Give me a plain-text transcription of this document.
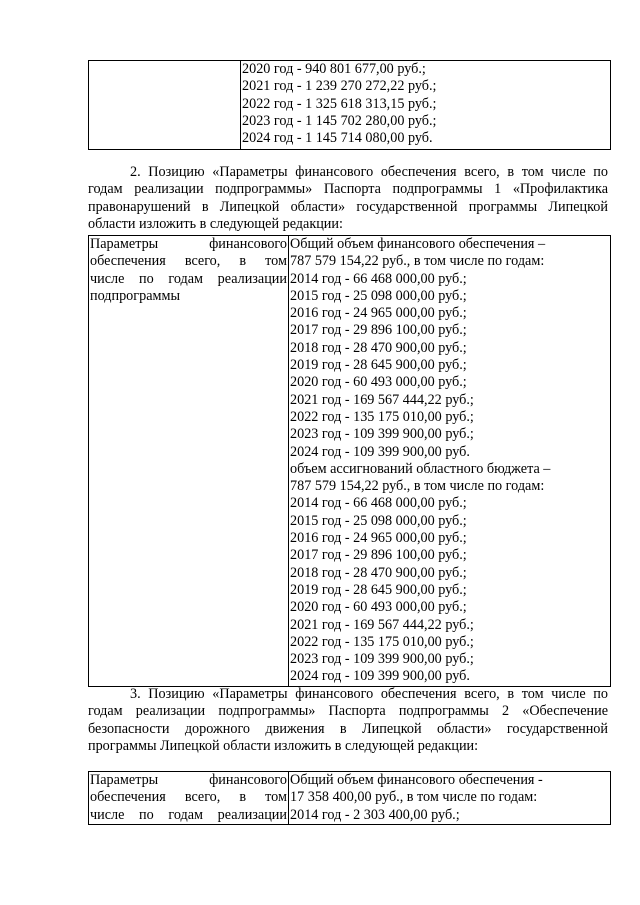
2020 год - 940 801 677,00 руб.;
2021 год - 1 239 270 272,22 руб.;
2022 год - 1 325 618 313,15 руб.;
2023 год - 1 145 702 280,00 руб.;
2024 год - 1 145 714 080,00 руб.
2. Позицию «Параметры финансового обеспечения всего, в том числе по
годам реализации подпрограммы» Паспорта подпрограммы 1 «Профилактика
правонарушений в Липецкой области» государственной программы Липецкой
области изложить в следующей редакции:
Параметры финансового
обеспечения всего, в том
числе по годам реализации
подпрограммы

Общий объем финансового обеспечения –
787 579 154,22 руб., в том числе по годам:
2014 год - 66 468 000,00 руб.;
2015 год - 25 098 000,00 руб.;
2016 год - 24 965 000,00 руб.;
2017 год - 29 896 100,00 руб.;
2018 год - 28 470 900,00 руб.;
2019 год - 28 645 900,00 руб.;
2020 год - 60 493 000,00 руб.;
2021 год - 169 567 444,22 руб.;
2022 год - 135 175 010,00 руб.;
2023 год - 109 399 900,00 руб.;
2024 год - 109 399 900,00 руб.
объем ассигнований областного бюджета –
787 579 154,22 руб., в том числе по годам:
2014 год - 66 468 000,00 руб.;
2015 год - 25 098 000,00 руб.;
2016 год - 24 965 000,00 руб.;
2017 год - 29 896 100,00 руб.;
2018 год - 28 470 900,00 руб.;
2019 год - 28 645 900,00 руб.;
2020 год - 60 493 000,00 руб.;
2021 год - 169 567 444,22 руб.;
2022 год - 135 175 010,00 руб.;
2023 год - 109 399 900,00 руб.;
2024 год - 109 399 900,00 руб.
3. Позицию «Параметры финансового обеспечения всего, в том числе по
годам реализации подпрограммы» Паспорта подпрограммы 2 «Обеспечение
безопасности дорожного движения в Липецкой области» государственной
программы Липецкой области изложить в следующей редакции:
Параметры финансового
обеспечения всего, в том
числе по годам реализации

Общий объем финансового обеспечения -
17 358 400,00 руб., в том числе по годам:
2014 год - 2 303 400,00 руб.;
